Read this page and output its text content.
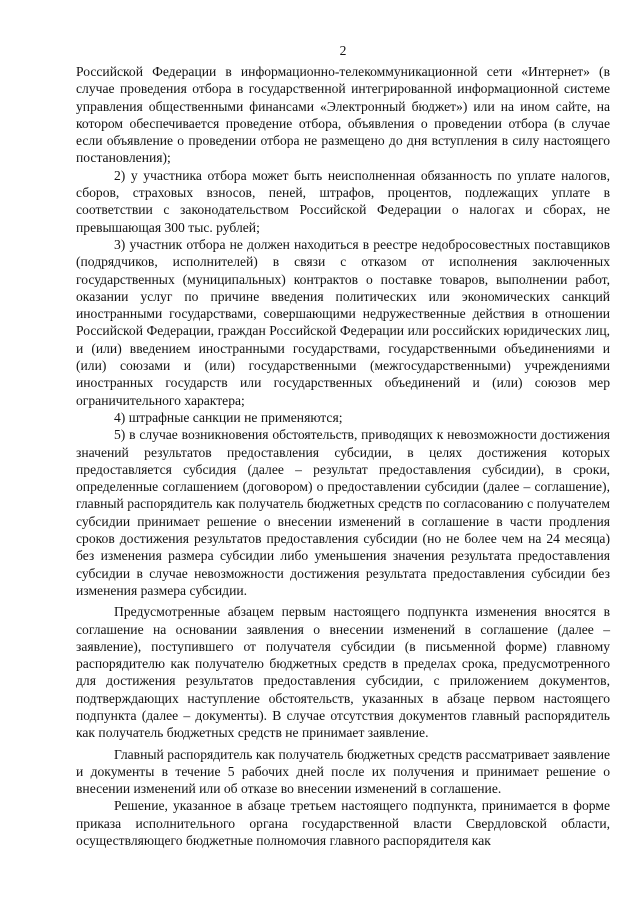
2

Российской Федерации в информационно-телекоммуникационной сети «Интернет» (в случае проведения отбора в государственной интегрированной информационной системе управления общественными финансами «Электронный бюджет») или на ином сайте, на котором обеспечивается проведение отбора, объявления о проведении отбора (в случае если объявление о проведении отбора не размещено до дня вступления в силу настоящего постановления);

2) у участника отбора может быть неисполненная обязанность по уплате налогов, сборов, страховых взносов, пеней, штрафов, процентов, подлежащих уплате в соответствии с законодательством Российской Федерации о налогах и сборах, не превышающая 300 тыс. рублей;

3) участник отбора не должен находиться в реестре недобросовестных поставщиков (подрядчиков, исполнителей) в связи с отказом от исполнения заключенных государственных (муниципальных) контрактов о поставке товаров, выполнении работ, оказании услуг по причине введения политических или экономических санкций иностранными государствами, совершающими недружественные действия в отношении Российской Федерации, граждан Российской Федерации или российских юридических лиц, и (или) введением иностранными государствами, государственными объединениями и (или) союзами и (или) государственными (межгосударственными) учреждениями иностранных государств или государственных объединений и (или) союзов мер ограничительного характера;

4) штрафные санкции не применяются;

5) в случае возникновения обстоятельств, приводящих к невозможности достижения значений результатов предоставления субсидии, в целях достижения которых предоставляется субсидия (далее – результат предоставления субсидии), в сроки, определенные соглашением (договором) о предоставлении субсидии (далее – соглашение), главный распорядитель как получатель бюджетных средств по согласованию с получателем субсидии принимает решение о внесении изменений в соглашение в части продления сроков достижения результатов предоставления субсидии (но не более чем на 24 месяца) без изменения размера субсидии либо уменьшения значения результата предоставления субсидии в случае невозможности достижения результата предоставления субсидии без изменения размера субсидии.

Предусмотренные абзацем первым настоящего подпункта изменения вносятся в соглашение на основании заявления о внесении изменений в соглашение (далее – заявление), поступившего от получателя субсидии (в письменной форме) главному распорядителю как получателю бюджетных средств в пределах срока, предусмотренного для достижения результатов предоставления субсидии, с приложением документов, подтверждающих наступление обстоятельств, указанных в абзаце первом настоящего подпункта (далее – документы). В случае отсутствия документов главный распорядитель как получатель бюджетных средств не принимает заявление.

Главный распорядитель как получатель бюджетных средств рассматривает заявление и документы в течение 5 рабочих дней после их получения и принимает решение о внесении изменений или об отказе во внесении изменений в соглашение.

Решение, указанное в абзаце третьем настоящего подпункта, принимается в форме приказа исполнительного органа государственной власти Свердловской области, осуществляющего бюджетные полномочия главного распорядителя как
